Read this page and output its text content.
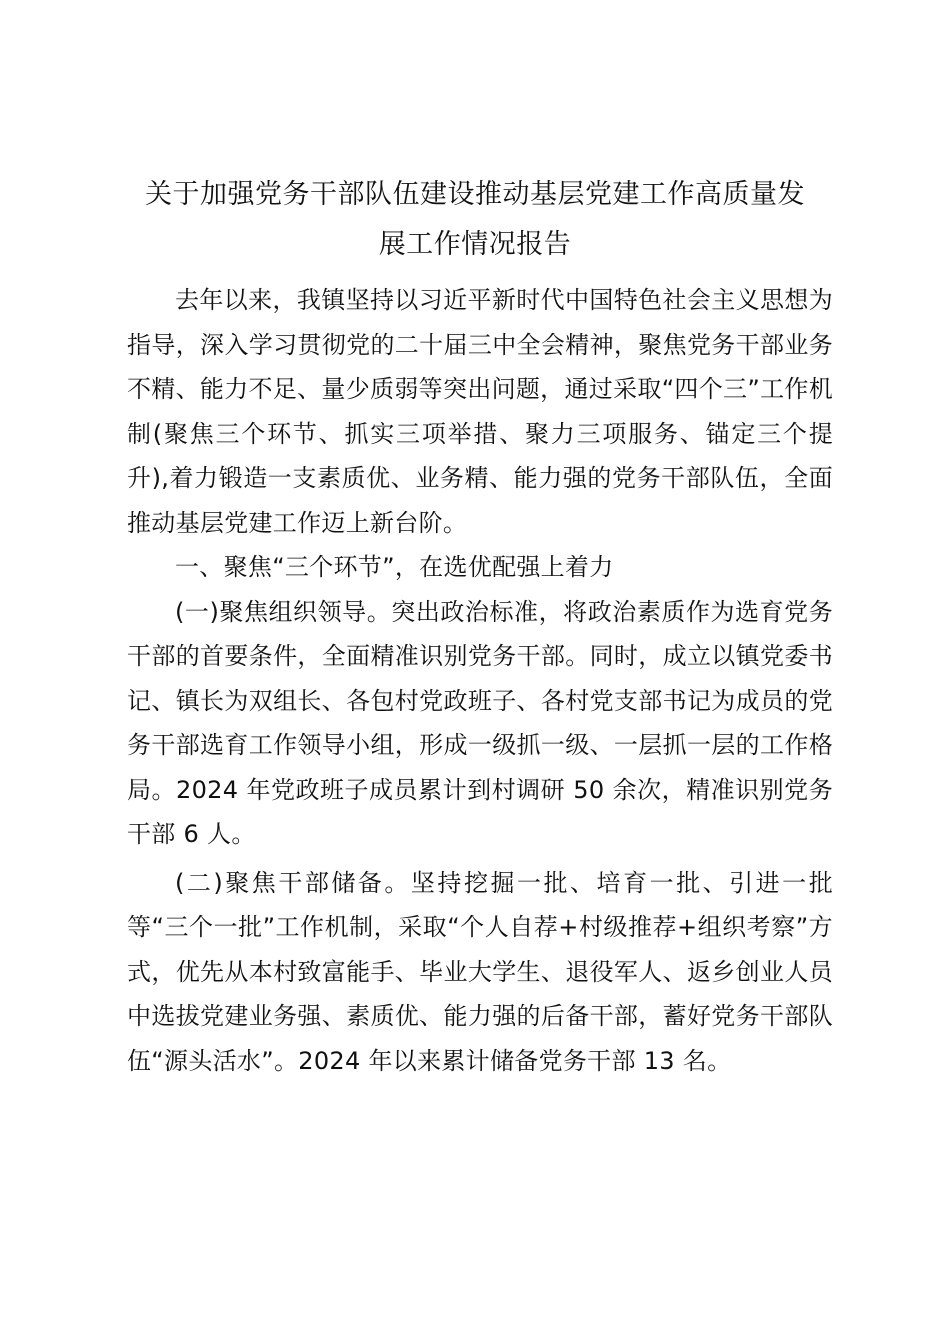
关于加强党务干部队伍建设推动基层党建工作高质量发
展工作情况报告

去年以来，我镇坚持以习近平新时代中国特色社会主义思想为指导，深入学习贯彻党的二十届三中全会精神，聚焦党务干部业务不精、能力不足、量少质弱等突出问题，通过采取“四个三”工作机制(聚焦三个环节、抓实三项举措、聚力三项服务、锚定三个提升),着力锻造一支素质优、业务精、能力强的党务干部队伍，全面推动基层党建工作迈上新台阶。

一、聚焦“三个环节”，在选优配强上着力

(一)聚焦组织领导。突出政治标准，将政治素质作为选育党务干部的首要条件，全面精准识别党务干部。同时，成立以镇党委书记、镇长为双组长、各包村党政班子、各村党支部书记为成员的党务干部选育工作领导小组，形成一级抓一级、一层抓一层的工作格局。2024 年党政班子成员累计到村调研 50 余次，精准识别党务干部 6 人。

(二)聚焦干部储备。坚持挖掘一批、培育一批、引进一批等“三个一批”工作机制，采取“个人自荐+村级推荐+组织考察”方式，优先从本村致富能手、毕业大学生、退役军人、返乡创业人员中选拔党建业务强、素质优、能力强的后备干部，蓄好党务干部队伍“源头活水”。2024 年以来累计储备党务干部 13 名。
